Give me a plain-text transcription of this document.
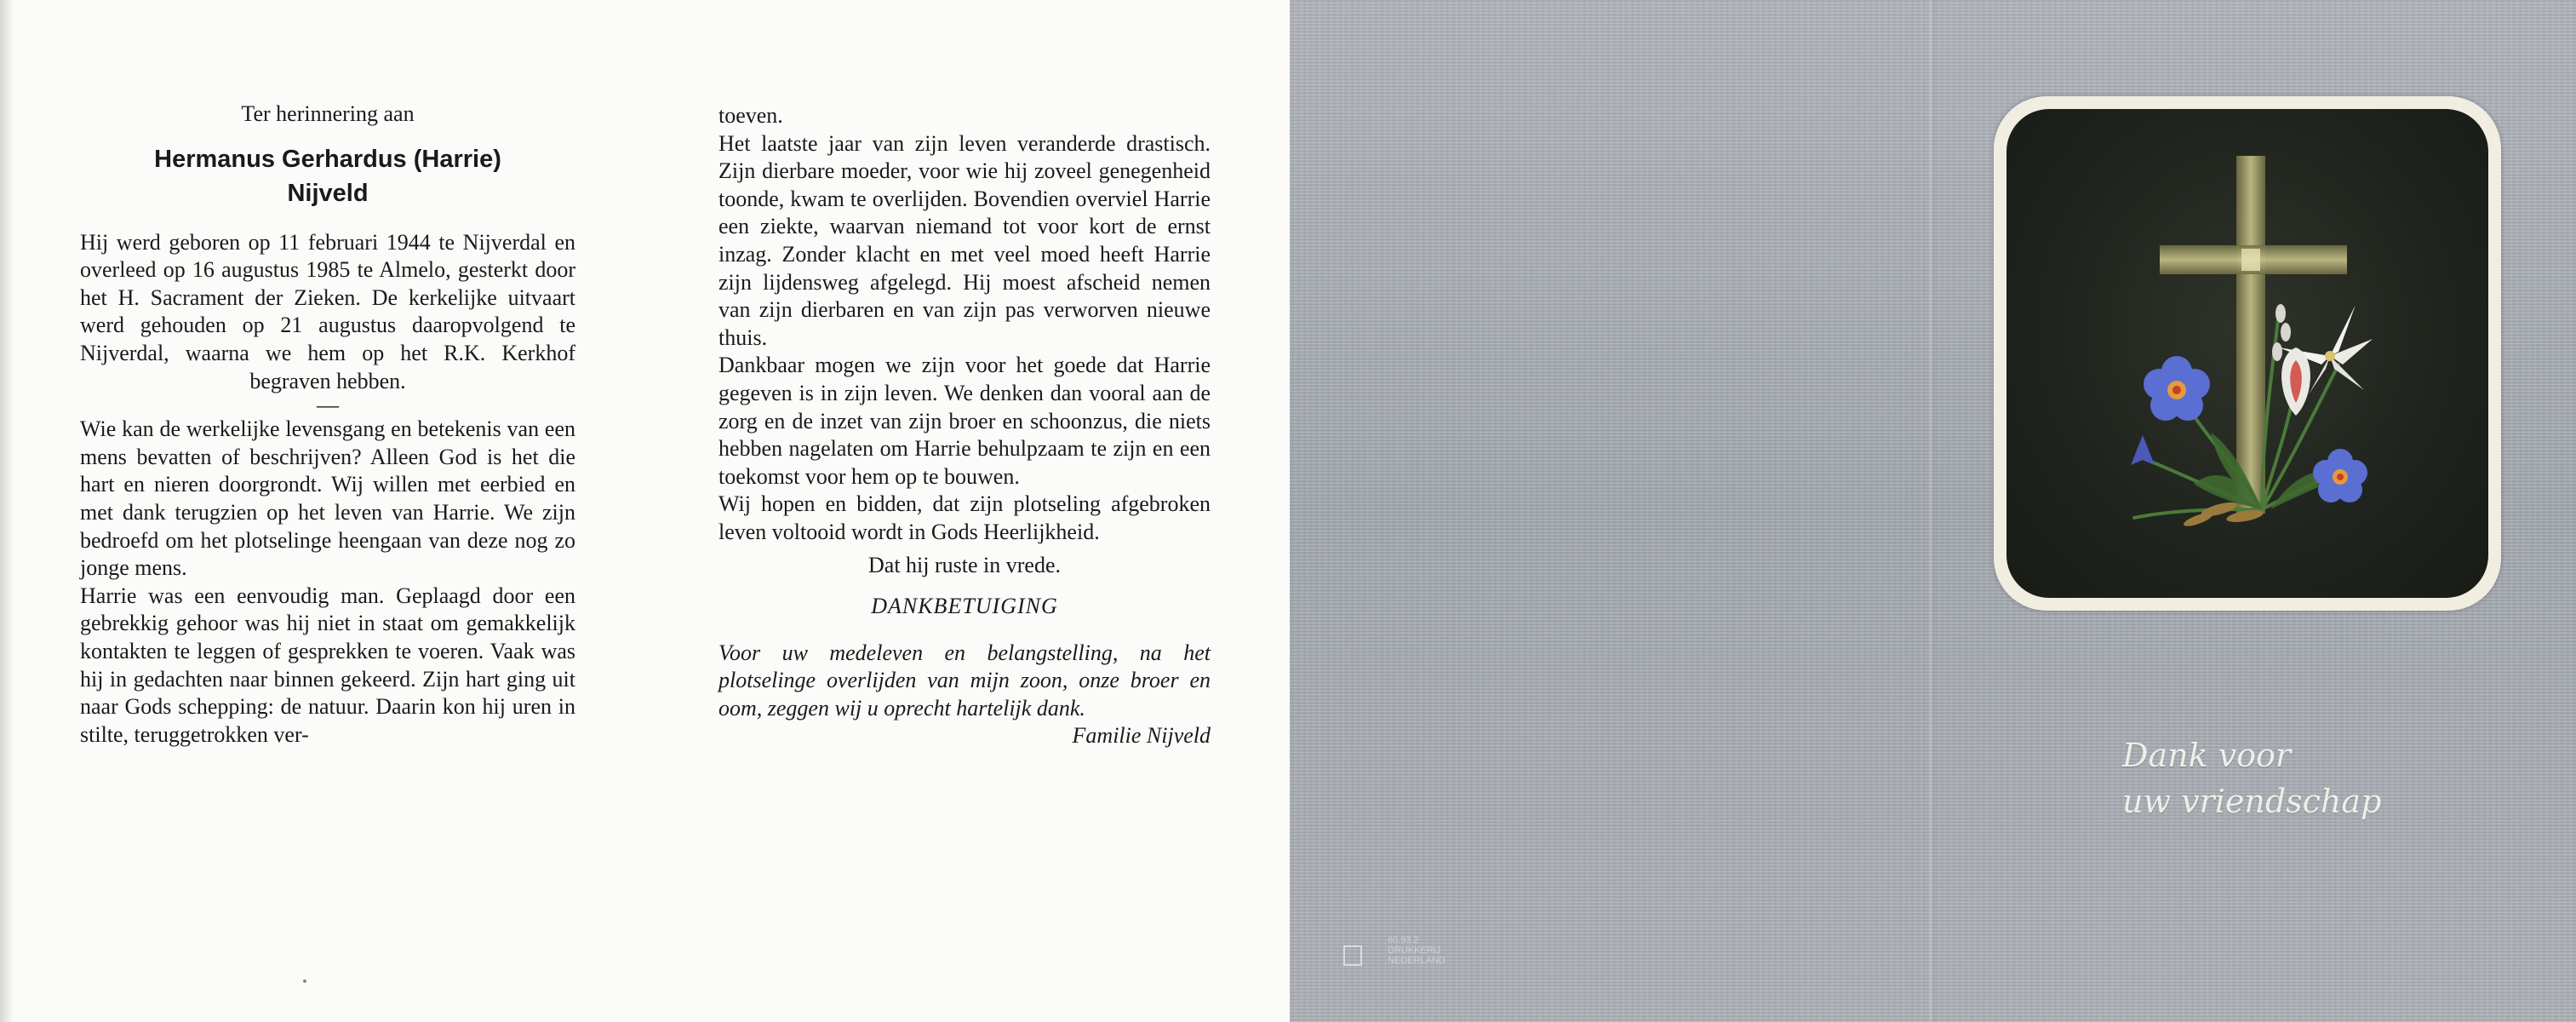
Ter herinnering aan

Hermanus Gerhardus (Harrie) Nijveld

Hij werd geboren op 11 februari 1944 te Nijverdal en overleed op 16 augustus 1985 te Almelo, gesterkt door het H. Sacrament der Zieken. De kerkelijke uitvaart werd gehouden op 21 augustus daaropvolgend te Nijverdal, waarna we hem op het R.K. Kerkhof begraven hebben.

—

Wie kan de werkelijke levensgang en betekenis van een mens bevatten of beschrijven? Alleen God is het die hart en nieren doorgrondt. Wij willen met eerbied en met dank terugzien op het leven van Harrie. We zijn bedroefd om het plotselinge heengaan van deze nog zo jonge mens.

Harrie was een eenvoudig man. Geplaagd door een gebrekkig gehoor was hij niet in staat om gemakkelijk kontakten te leggen of gesprekken te voeren. Vaak was hij in gedachten naar binnen gekeerd. Zijn hart ging uit naar Gods schepping: de natuur. Daarin kon hij uren in stilte, teruggetrokken ver-

toeven.

Het laatste jaar van zijn leven veranderde drastisch. Zijn dierbare moeder, voor wie hij zoveel genegenheid toonde, kwam te overlijden. Bovendien overviel Harrie een ziekte, waarvan niemand tot voor kort de ernst inzag. Zonder klacht en met veel moed heeft Harrie zijn lijdensweg afgelegd. Hij moest afscheid nemen van zijn dierbaren en van zijn pas verworven nieuwe thuis.

Dankbaar mogen we zijn voor het goede dat Harrie gegeven is in zijn leven. We denken dan vooral aan de zorg en de inzet van zijn broer en schoonzus, die niets hebben nagelaten om Harrie behulpzaam te zijn en een toekomst voor hem op te bouwen.

Wij hopen en bidden, dat zijn plotseling afgebroken leven voltooid wordt in Gods Heerlijkheid.

Dat hij ruste in vrede.

DANKBETUIGING

Voor uw medeleven en belangstelling, na het plotselinge overlijden van mijn zoon, onze broer en oom, zeggen wij u oprecht hartelijk dank.

Familie Nijveld

Dank voor

uw vriendschap
60.93.2
DRUKKERIJ
NEDERLAND
